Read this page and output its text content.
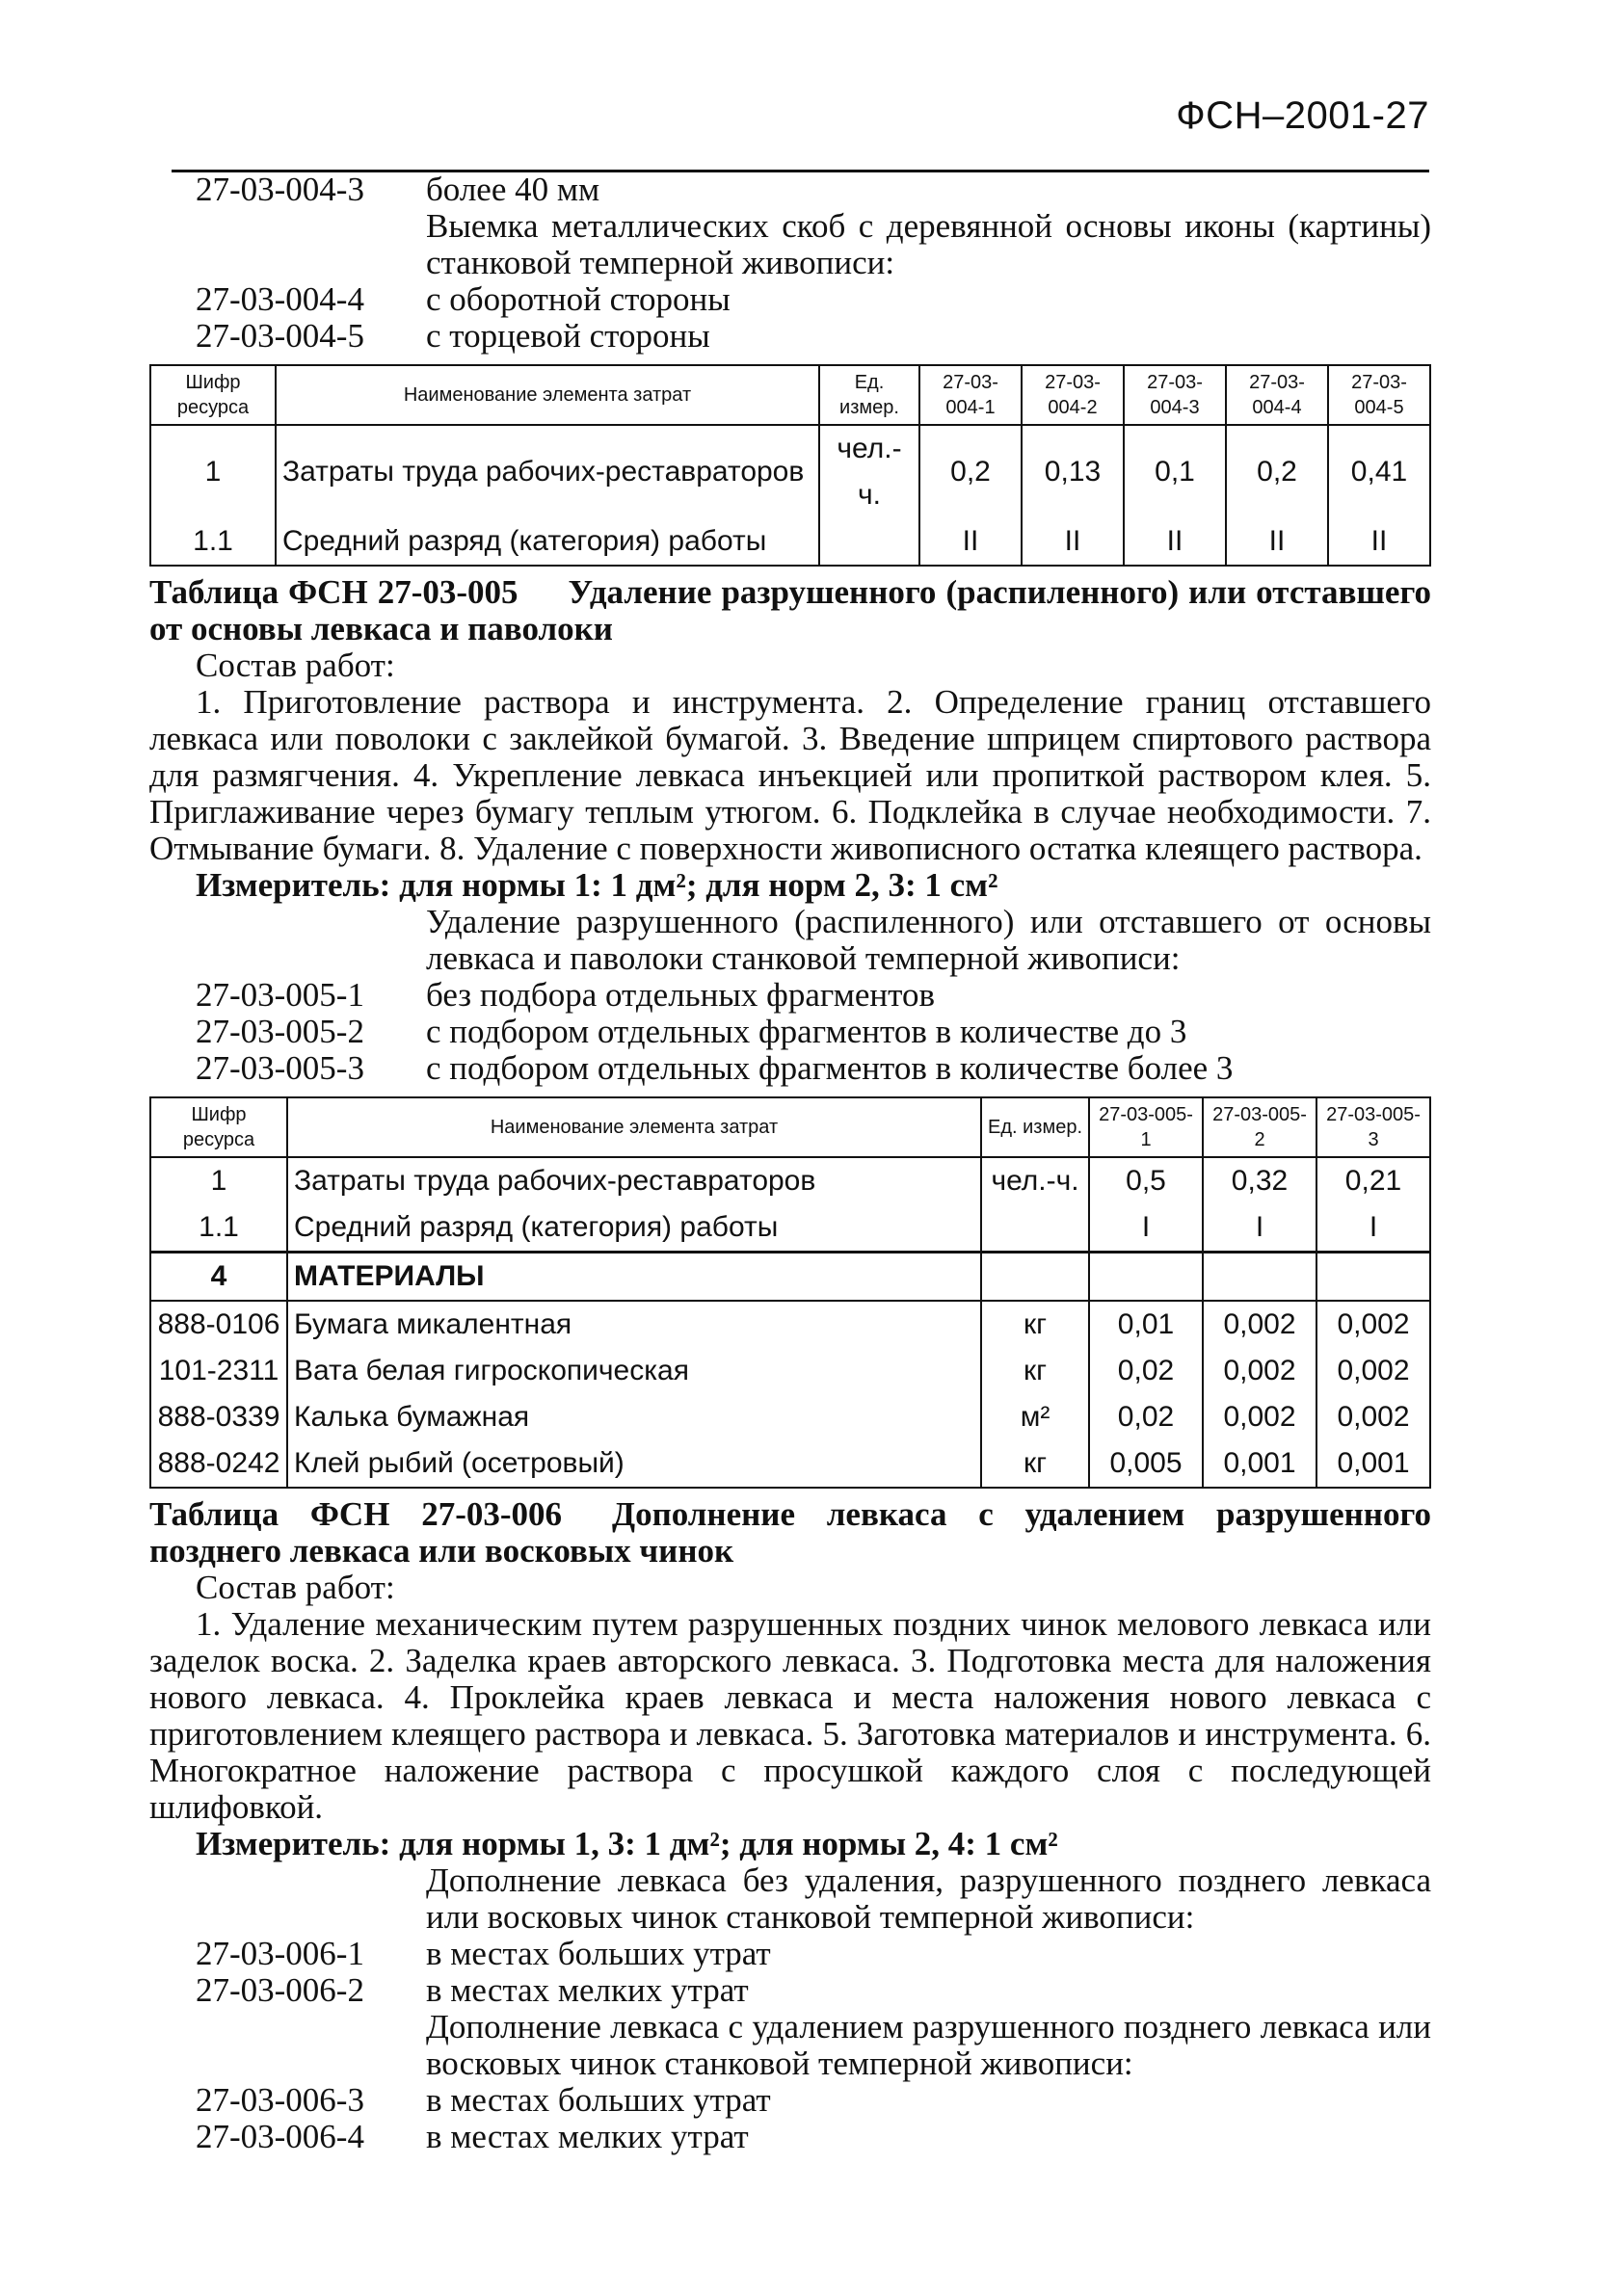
ФСН–2001-27
27-03-004-3	более 40 мм
Выемка металлических скоб с деревянной основы иконы (картины) станковой темперной живописи:
27-03-004-4	с оборотной стороны
27-03-004-5	с торцевой стороны
Шифр ресурса	Наименование элемента затрат	Ед. измер.	27-03-004-1	27-03-004-2	27-03-004-3	27-03-004-4	27-03-004-5
1	Затраты труда рабочих-реставраторов	чел.-ч.	0,2	0,13	0,1	0,2	0,41
1.1	Средний разряд (категория) работы		II	II	II	II	II
Таблица ФСН 27-03-005 Удаление разрушенного (распиленного) или отставшего от основы левкаса и паволоки
Состав работ:
1. Приготовление раствора и инструмента. 2. Определение границ отставшего левкаса или поволоки с заклейкой бумагой. 3. Введение шприцем спиртового раствора для размягчения. 4. Укрепление левкаса инъекцией или пропиткой раствором клея. 5. Приглаживание через бумагу теплым утюгом. 6. Подклейка в случае необходимости. 7. Отмывание бумаги. 8. Удаление с поверхности живописного остатка клеящего раствора.
Измеритель: для нормы 1: 1 дм²; для норм 2, 3: 1 см²
Удаление разрушенного (распиленного) или отставшего от основы левкаса и паволоки станковой темперной живописи:
27-03-005-1	без подбора отдельных фрагментов
27-03-005-2	с подбором отдельных фрагментов в количестве до 3
27-03-005-3	с подбором отдельных фрагментов в количестве более 3
Шифр ресурса	Наименование элемента затрат	Ед. измер.	27-03-005-1	27-03-005-2	27-03-005-3
1	Затраты труда рабочих-реставраторов	чел.-ч.	0,5	0,32	0,21
1.1	Средний разряд (категория) работы		I	I	I
4	МАТЕРИАЛЫ				
888-0106	Бумага микалентная	кг	0,01	0,002	0,002
101-2311	Вата белая гигроскопическая	кг	0,02	0,002	0,002
888-0339	Калька бумажная	м²	0,02	0,002	0,002
888-0242	Клей рыбий (осетровый)	кг	0,005	0,001	0,001
Таблица ФСН 27-03-006 Дополнение левкаса с удалением разрушенного позднего левкаса или восковых чинок
Состав работ:
1. Удаление механическим путем разрушенных поздних чинок мелового левкаса или заделок воска. 2. Заделка краев авторского левкаса. 3. Подготовка места для наложения нового левкаса. 4. Проклейка краев левкаса и места наложения нового левкаса с приготовлением клеящего раствора и левкаса. 5. Заготовка материалов и инструмента. 6. Многократное наложение раствора с просушкой каждого слоя с последующей шлифовкой.
Измеритель: для нормы 1, 3: 1 дм²; для нормы 2, 4: 1 см²
Дополнение левкаса без удаления, разрушенного позднего левкаса или восковых чинок станковой темперной живописи:
27-03-006-1	в местах больших утрат
27-03-006-2	в местах мелких утрат
Дополнение левкаса с удалением разрушенного позднего левкаса или восковых чинок станковой темперной живописи:
27-03-006-3	в местах больших утрат
27-03-006-4	в местах мелких утрат
